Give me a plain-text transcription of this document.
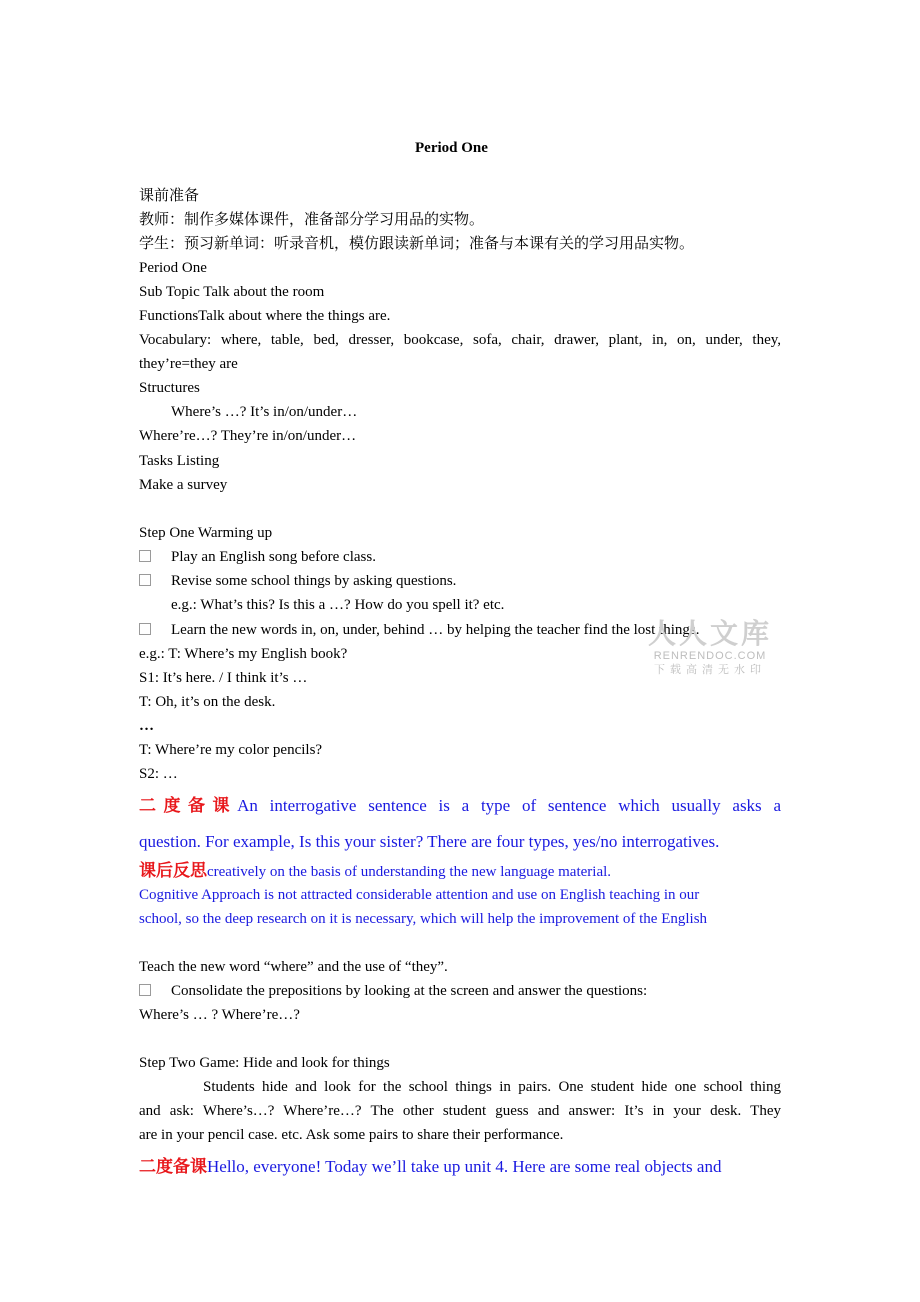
Period One

课前准备

教师：制作多媒体课件，准备部分学习用品的实物。

学生：预习新单词：听录音机，模仿跟读新单词；准备与本课有关的学习用品实物。

Period One

Sub Topic Talk about the room

FunctionsTalk about where the things are.

Vocabulary: where, table, bed, dresser, bookcase, sofa, chair, drawer, plant, in, on, under, they,

they’re=they are

Structures

Where’s …? It’s in/on/under…

Where’re…? They’re in/on/under…

Tasks Listing

Make a survey

Step One Warming up

Play an English song before class.

Revise some school things by asking questions.

e.g.: What’s this? Is this a …? How do you spell it? etc.

Learn the new words in, on, under, behind … by helping the teacher find the lost things.

e.g.: T: Where’s my English book?

S1: It’s here. / I think it’s …

T: Oh, it’s on the desk.

…

T: Where’re my color pencils?

S2: …

二度备课An interrogative sentence is a type of sentence which usually asks a

question. For example, Is this your sister? There are four types, yes/no interrogatives.

课后反思creatively on the basis of understanding the new language material.

Cognitive Approach is not attracted considerable attention and use on English teaching in our

school, so the deep research on it is necessary, which will help the improvement of the English

Teach the new word “where” and the use of “they”.

Consolidate the prepositions by looking at the screen and answer the questions:

Where’s … ? Where’re…?

Step Two Game: Hide and look for things

Students hide and look for the school things in pairs. One student hide one school thing

and ask: Where’s…? Where’re…? The other student guess and answer: It’s in your desk. They

are in your pencil case. etc. Ask some pairs to share their performance.

二度备课Hello, everyone! Today we’ll take up unit 4. Here are some real objects and

人人文库
RENRENDOC.COM
下载高清无水印
